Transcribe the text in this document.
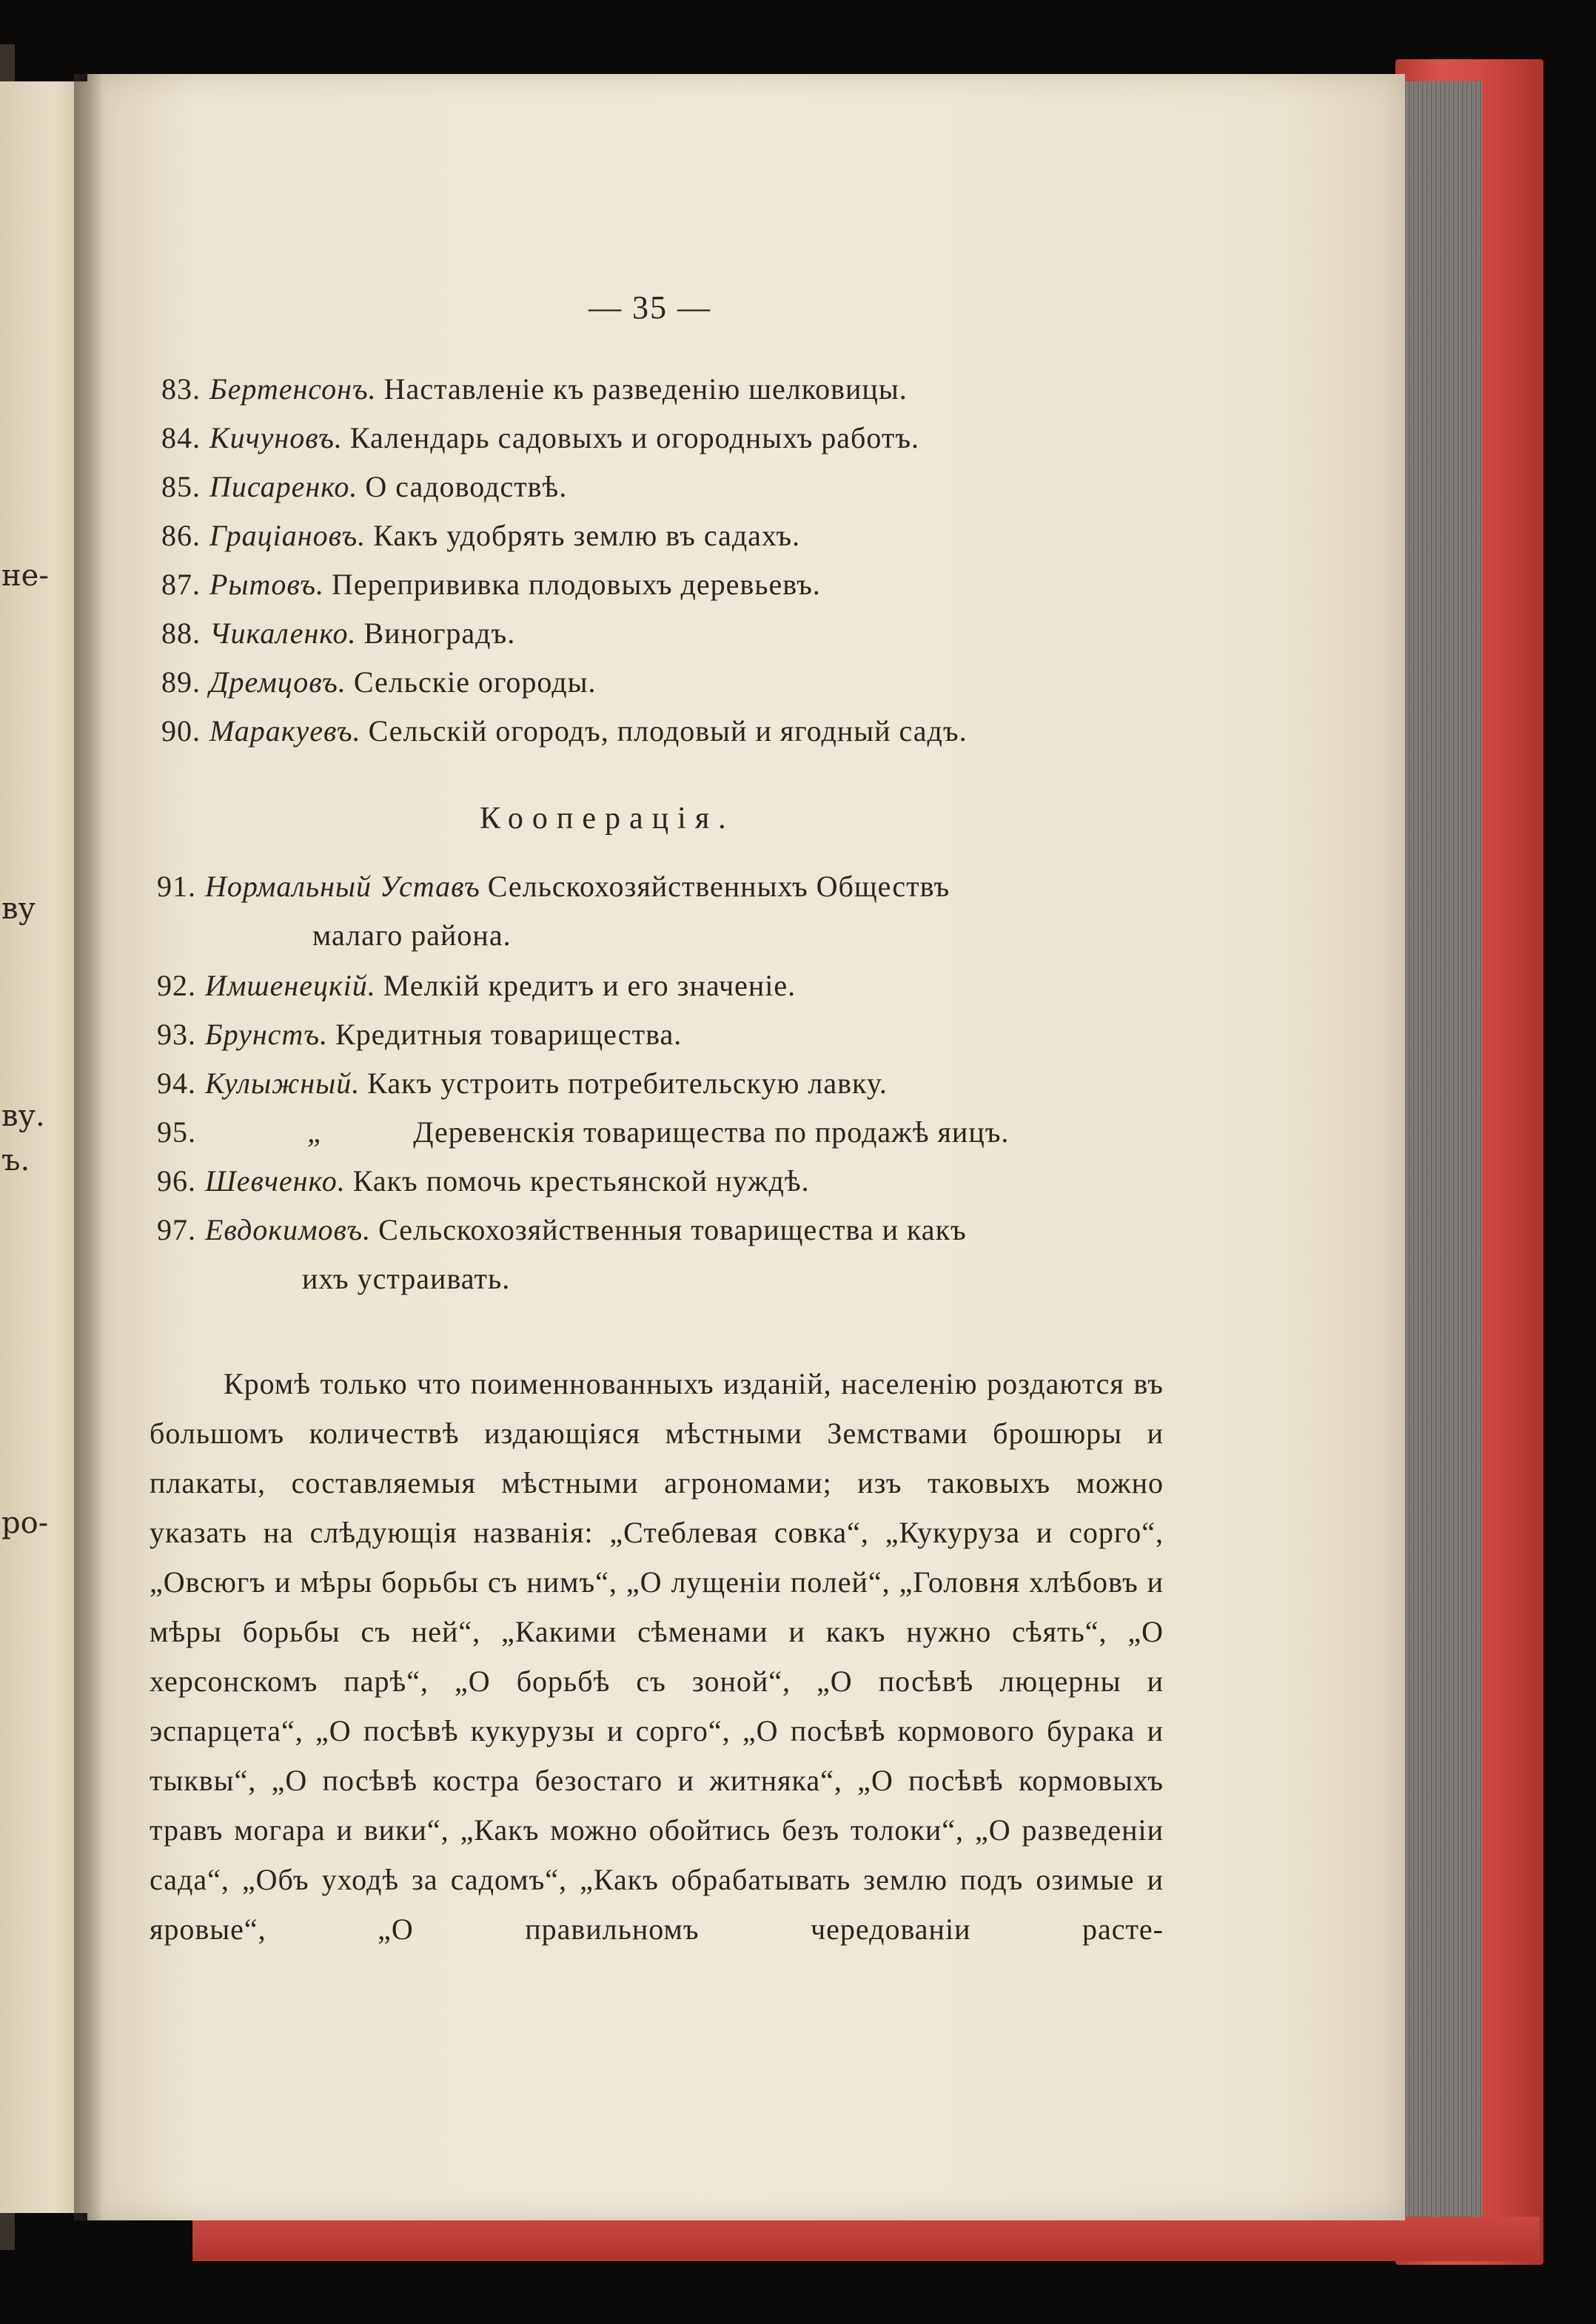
не-
ву
ву.
ъ.
ро-
— 35 —
83. Бертенсонъ. Наставленіе къ разведенію шелковицы.
84. Кичуновъ. Календарь садовыхъ и огородныхъ работъ.
85. Писаренко. О садоводствѣ.
86. Граціановъ. Какъ удобрять землю въ садахъ.
87. Рытовъ. Перепрививка плодовыхъ деревьевъ.
88. Чикаленко. Виноградъ.
89. Дремцовъ. Сельскіе огороды.
90. Маракуевъ. Сельскій огородъ, плодовый и ягодный садъ.
Кооперація.
91. Нормальный Уставъ Сельскохозяйственныхъ Обществъ
малаго района.
92. Имшенецкій. Мелкій кредитъ и его значеніе.
93. Брунстъ. Кредитныя товарищества.
94. Кулыжный. Какъ устроить потребительскую лавку.
95.	„	Деревенскія товарищества по продажѣ яицъ.
96. Шевченко. Какъ помочь крестьянской нуждѣ.
97. Евдокимовъ. Сельскохозяйственныя товарищества и какъ
ихъ устраивать.
Кромѣ только что поименнованныхъ изданій, населенію роздаются въ большомъ количествѣ издающіяся мѣстными Земствами брошюры и плакаты, составляемыя мѣстными агрономами; изъ таковыхъ можно указать на слѣдующія названія: „Стеблевая совка“, „Кукуруза и сорго“, „Овсюгъ и мѣры борьбы съ нимъ“, „О лущеніи полей“, „Головня хлѣбовъ и мѣры борьбы съ ней“, „Какими сѣменами и какъ нужно сѣять“, „О херсонскомъ парѣ“, „О борьбѣ съ зоной“, „О посѣвѣ люцерны и эспарцета“, „О посѣвѣ кукурузы и сорго“, „О посѣвѣ кормового бурака и тыквы“, „О посѣвѣ костра безостаго и житняка“, „О посѣвѣ кормовыхъ травъ могара и вики“, „Какъ можно обойтись безъ толоки“, „О разведеніи сада“, „Объ уходѣ за садомъ“, „Какъ обрабатывать землю подъ озимые и яровые“, „О правильномъ чередованіи расте-
